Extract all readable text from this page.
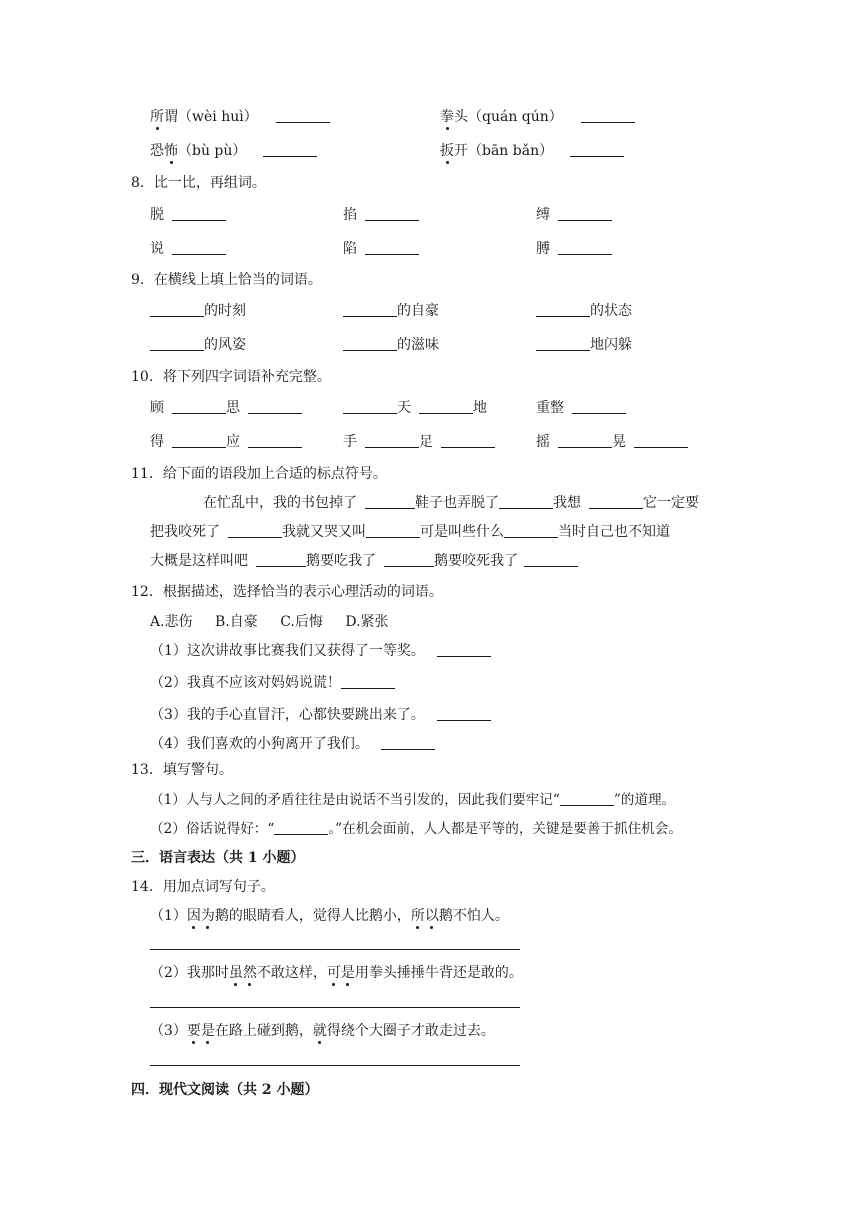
所谓（wèi huì）	拳头（quán qún）
恐怖（bù pù）	扳开（bān bǎn）
8．比一比，再组词。
脱	掐	缚
说	陷	膊
9．在横线上填上恰当的词语。
的时刻	的自豪	的状态
的风姿	的滋味	地闪躲
10．将下列四字词语补充完整。
顾	思	天	地	重整
得	应	手	足	摇	晃
11．给下面的语段加上合适的标点符号。
在忙乱中，我的书包掉了	鞋子也弄脱了	我想	它一定要
把我咬死了	我就又哭又叫	可是叫些什么	当时自己也不知道
大概是这样叫吧	鹅要吃我了	鹅要咬死我了
12．根据描述，选择恰当的表示心理活动的词语。
A.悲伤 B.自豪 C.后悔 D.紧张
（1）这次讲故事比赛我们又获得了一等奖。
（2）我真不应该对妈妈说谎！
（3）我的手心直冒汗，心都快要跳出来了。
（4）我们喜欢的小狗离开了我们。
13．填写警句。
（1）人与人之间的矛盾往往是由说话不当引发的，因此我们要牢记“	”的道理。
（2）俗话说得好：“	。”在机会面前，人人都是平等的，关键是要善于抓住机会。
三．语言表达（共 1 小题）
14．用加点词写句子。
（1）因为鹅的眼睛看人，觉得人比鹅小，所以鹅不怕人。
（2）我那时虽然不敢这样，可是用拳头捶捶牛背还是敢的。
（3）要是在路上碰到鹅，就得绕个大圈子才敢走过去。
四．现代文阅读（共 2 小题）
